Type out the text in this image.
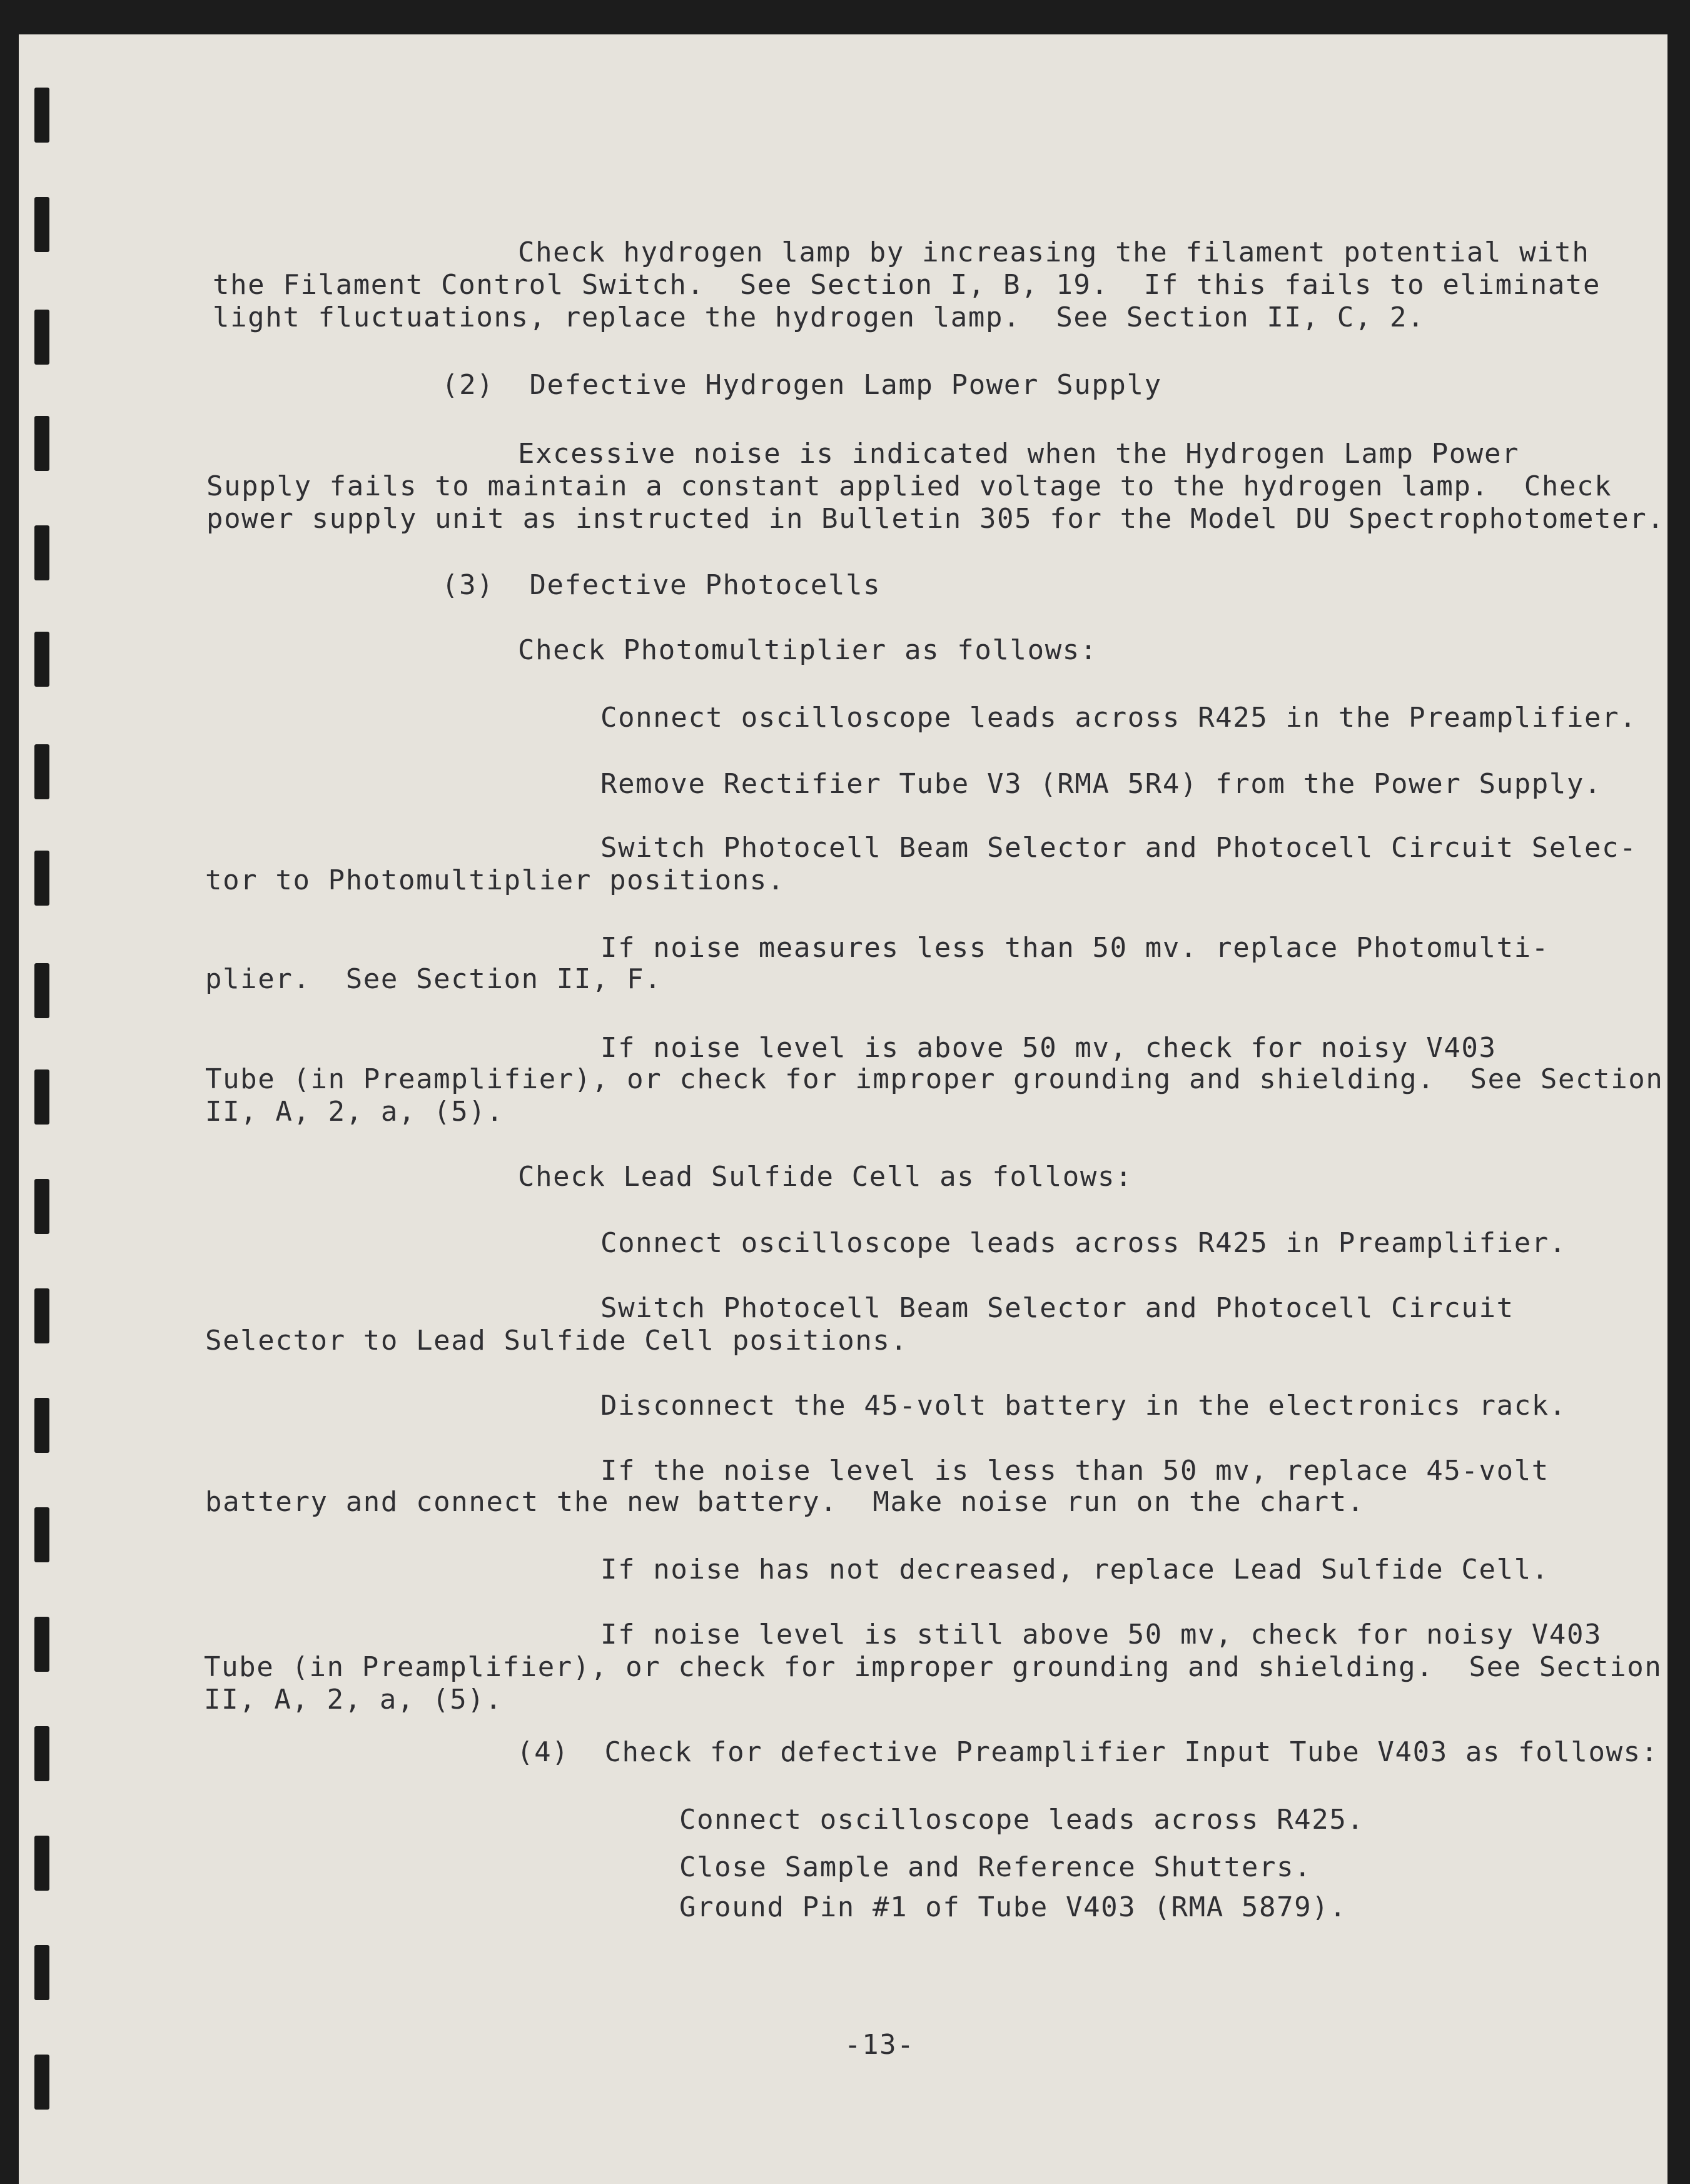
Check hydrogen lamp by increasing the filament potential with
the Filament Control Switch.  See Section I, B, 19.  If this fails to eliminate
light fluctuations, replace the hydrogen lamp.  See Section II, C, 2.
(2)  Defective Hydrogen Lamp Power Supply
Excessive noise is indicated when the Hydrogen Lamp Power
Supply fails to maintain a constant applied voltage to the hydrogen lamp.  Check
power supply unit as instructed in Bulletin 305 for the Model DU Spectrophotometer.
(3)  Defective Photocells
Check Photomultiplier as follows:
Connect oscilloscope leads across R425 in the Preamplifier.
Remove Rectifier Tube V3 (RMA 5R4) from the Power Supply.
Switch Photocell Beam Selector and Photocell Circuit Selec-
tor to Photomultiplier positions.
If noise measures less than 50 mv. replace Photomulti-
plier.  See Section II, F.
If noise level is above 50 mv, check for noisy V403
Tube (in Preamplifier), or check for improper grounding and shielding.  See Section
II, A, 2, a, (5).
Check Lead Sulfide Cell as follows:
Connect oscilloscope leads across R425 in Preamplifier.
Switch Photocell Beam Selector and Photocell Circuit
Selector to Lead Sulfide Cell positions.
Disconnect the 45-volt battery in the electronics rack.
If the noise level is less than 50 mv, replace 45-volt
battery and connect the new battery.  Make noise run on the chart.
If noise has not decreased, replace Lead Sulfide Cell.
If noise level is still above 50 mv, check for noisy V403
Tube (in Preamplifier), or check for improper grounding and shielding.  See Section
II, A, 2, a, (5).
(4)  Check for defective Preamplifier Input Tube V403 as follows:
Connect oscilloscope leads across R425.
Close Sample and Reference Shutters.
Ground Pin #1 of Tube V403 (RMA 5879).
-13-
